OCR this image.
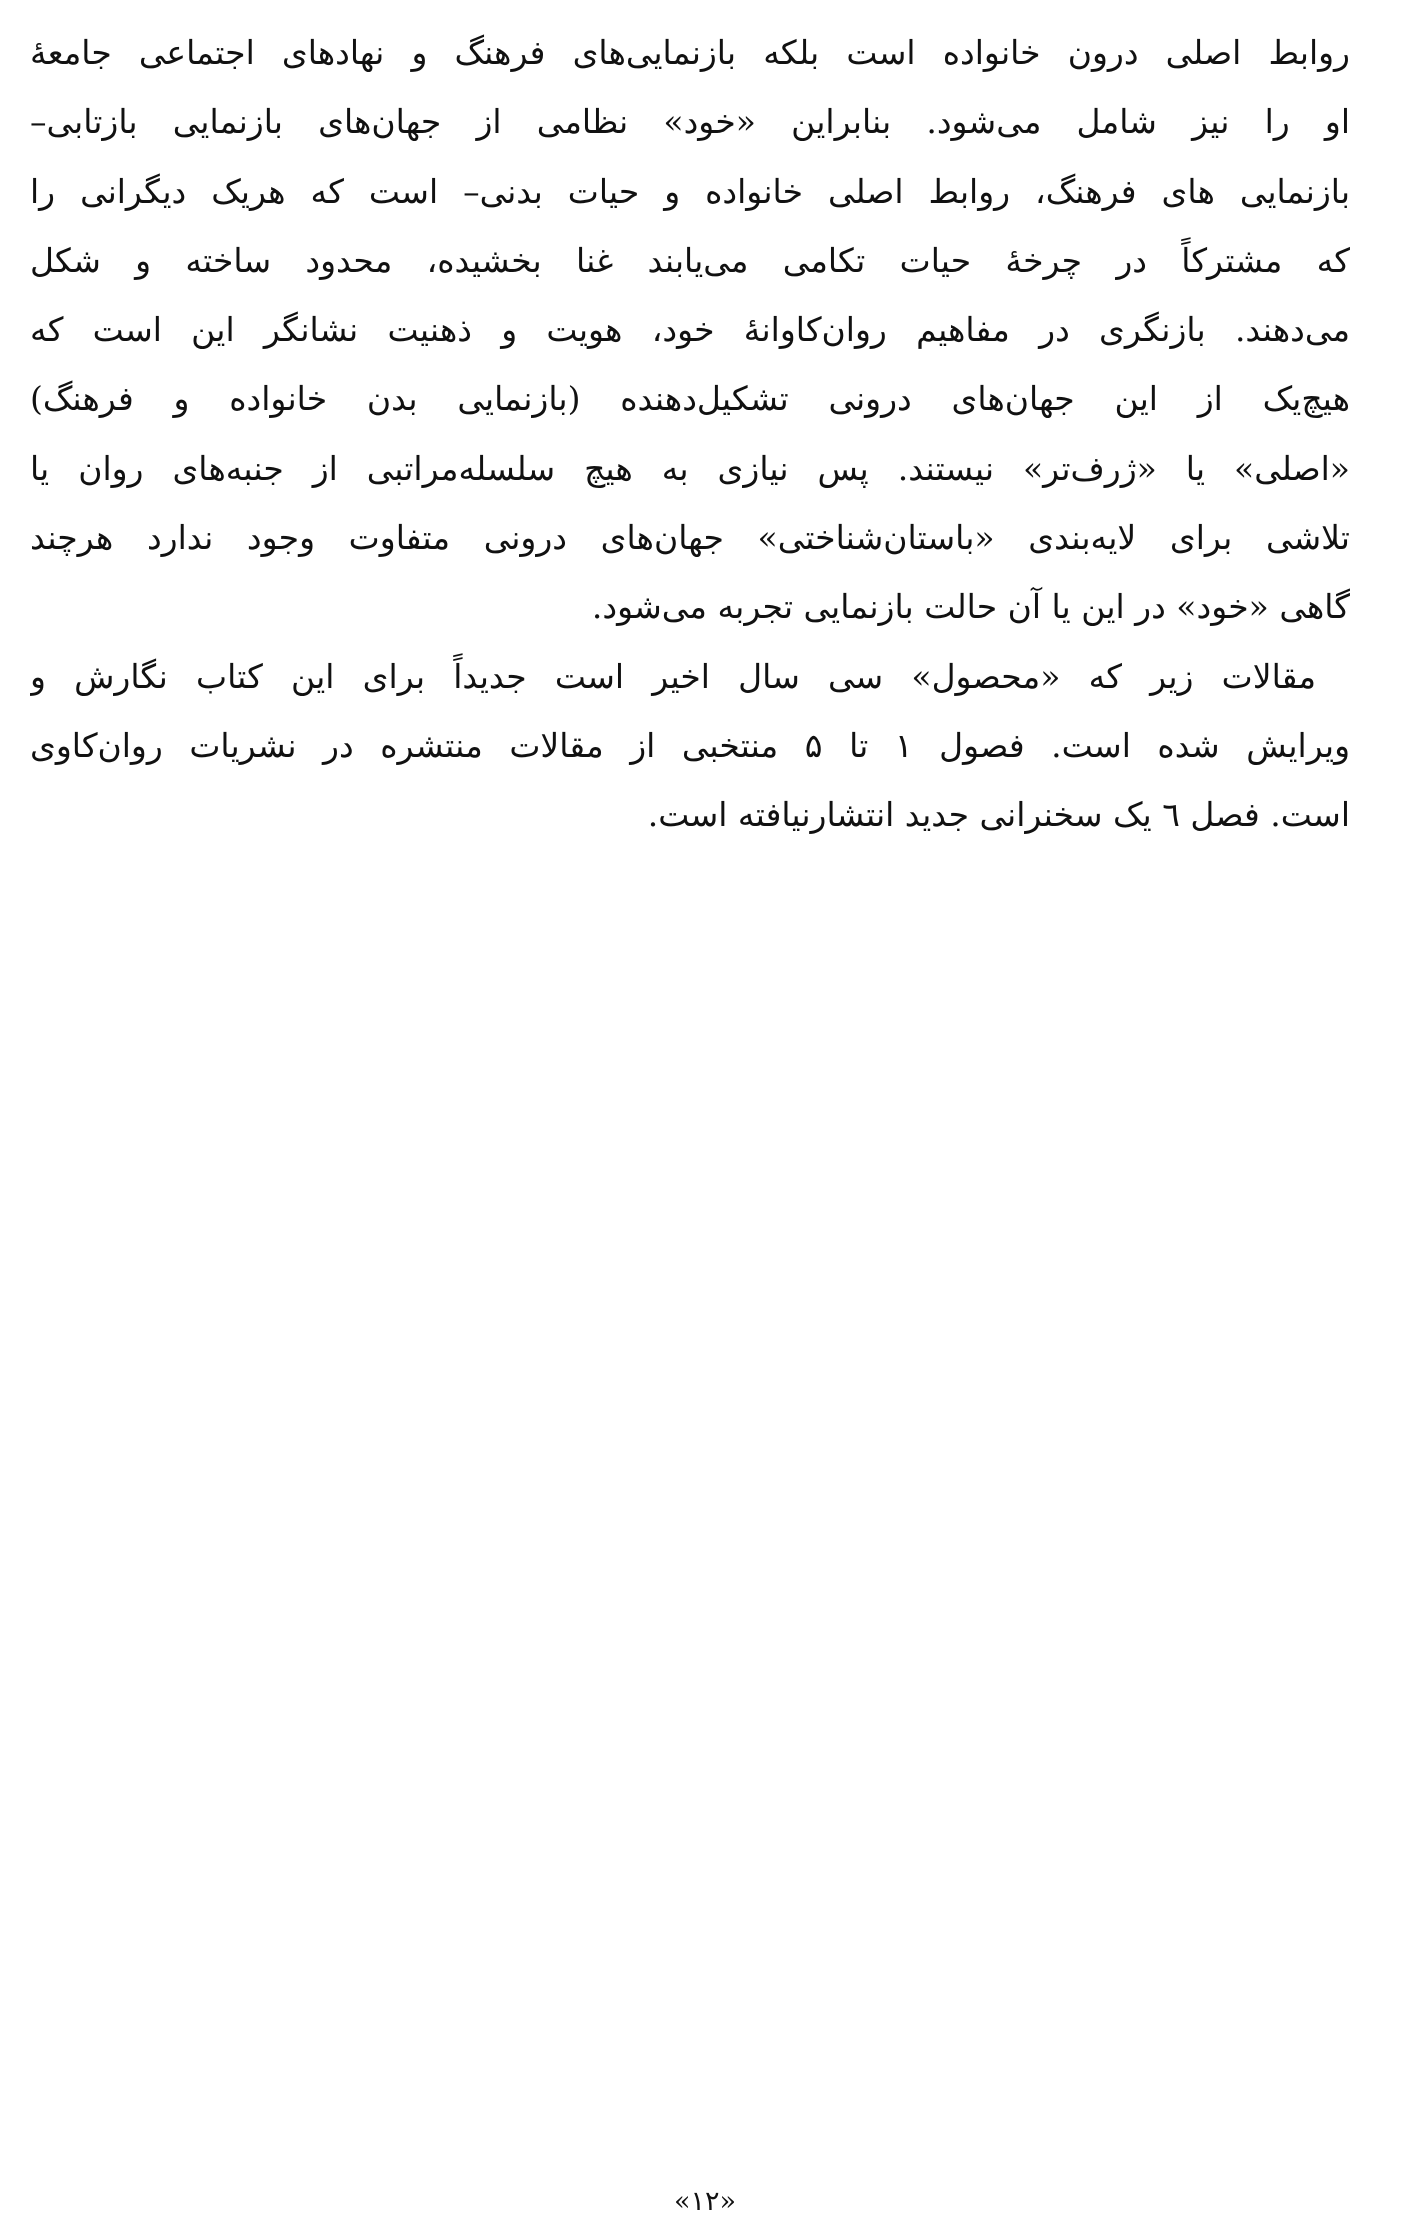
روابط اصلی درون خانواده است بلکه بازنمایی‌های فرهنگ و نهادهای اجتماعی جامعهٔ
او را نیز شامل می‌شود. بنابراین «خود» نظامی از جهان‌های بازنمایی بازتابی–
بازنمایی های فرهنگ، روابط اصلی خانواده و حیات بدنی– است که هریک دیگرانی را
که مشترکاً در چرخهٔ حیات تکامی می‌یابند غنا بخشیده، محدود ساخته و شکل
می‌دهند. بازنگری در مفاهیم روان‌کاوانهٔ خود، هویت و ذهنیت نشانگر این است که
هیچ‌یک از این جهان‌های درونی تشکیل‌دهنده (بازنمایی بدن خانواده و فرهنگ)
«اصلی» یا «ژرف‌تر» نیستند. پس نیازی به هیچ سلسله‌مراتبی از جنبه‌های روان یا
تلاشی برای لایه‌بندی «باستان‌شناختی» جهان‌های درونی متفاوت وجود ندارد هرچند
گاهی «خود» در این یا آن حالت بازنمایی تجربه می‌شود.
مقالات زیر که «محصول» سی سال اخیر است جدیداً برای این کتاب نگارش و
ویرایش شده است. فصول ۱ تا ۵ منتخبی از مقالات منتشره در نشریات روان‌کاوی
است. فصل ٦ یک سخنرانی جدید انتشارنیافته است.
«۱۲»
